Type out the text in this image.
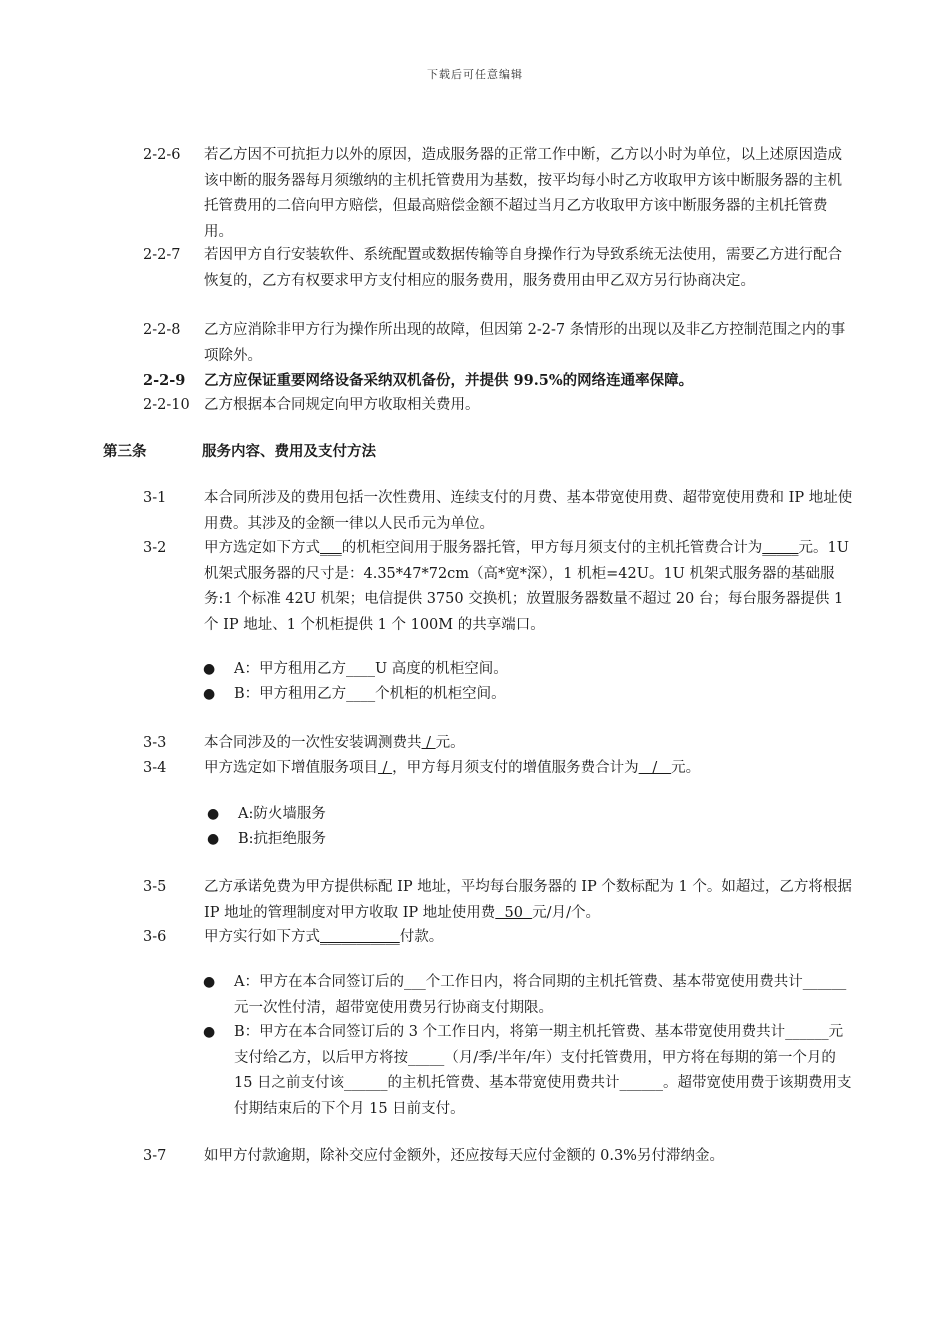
下载后可任意编辑
2-2-6 若乙方因不可抗拒力以外的原因，造成服务器的正常工作中断，乙方以小时为单位，以上述原因造成该中断的服务器每月须缴纳的主机托管费用为基数，按平均每小时乙方收取甲方该中断服务器的主机托管费用的二倍向甲方赔偿，但最高赔偿金额不超过当月乙方收取甲方该中断服务器的主机托管费用。
2-2-7 若因甲方自行安装软件、系统配置或数据传输等自身操作行为导致系统无法使用，需要乙方进行配合恢复的，乙方有权要求甲方支付相应的服务费用，服务费用由甲乙双方另行协商决定。
2-2-8 乙方应消除非甲方行为操作所出现的故障，但因第 2-2-7 条情形的出现以及非乙方控制范围之内的事项除外。
2-2-9 乙方应保证重要网络设备采纳双机备份，并提供 99.5%的网络连通率保障。
2-2-10 乙方根据本合同规定向甲方收取相关费用。
第三条	服务内容、费用及支付方法
3-1	本合同所涉及的费用包括一次性费用、连续支付的月费、基本带宽使用费、超带宽使用费和 IP 地址使用费。其涉及的金额一律以人民币元为单位。
3-2	甲方选定如下方式___的机柜空间用于服务器托管，甲方每月须支付的主机托管费合计为_____元。1U 机架式服务器的尺寸是：4.35*47*72cm（高*宽*深），1 机柜=42U。1U 机架式服务器的基础服务:1 个标准 42U 机架；电信提供 3750 交换机；放置服务器数量不超过 20 台；每台服务器提供 1 个 IP 地址、1 个机柜提供 1 个 100M 的共享端口。
● A：甲方租用乙方____U 高度的机柜空间。
● B：甲方租用乙方____个机柜的机柜空间。
3-3	本合同涉及的一次性安装调测费共 / 元。
3-4	甲方选定如下增值服务项目 / ，甲方每月须支付的增值服务费合计为   /   元。
● A:防火墙服务
● B:抗拒绝服务
3-5	乙方承诺免费为甲方提供标配 IP 地址，平均每台服务器的 IP 个数标配为 1 个。如超过，乙方将根据 IP 地址的管理制度对甲方收取 IP 地址使用费  50  元/月/个。
3-6	甲方实行如下方式___________付款。
● A：甲方在本合同签订后的___个工作日内，将合同期的主机托管费、基本带宽使用费共计______元一次性付清，超带宽使用费另行协商支付期限。
● B：甲方在本合同签订后的 3 个工作日内，将第一期主机托管费、基本带宽使用费共计______元支付给乙方，以后甲方将按_____（月/季/半年/年）支付托管费用，甲方将在每期的第一个月的 15 日之前支付该______的主机托管费、基本带宽使用费共计______。超带宽使用费于该期费用支付期结束后的下个月 15 日前支付。
3-7	如甲方付款逾期，除补交应付金额外，还应按每天应付金额的 0.3%另付滞纳金。
